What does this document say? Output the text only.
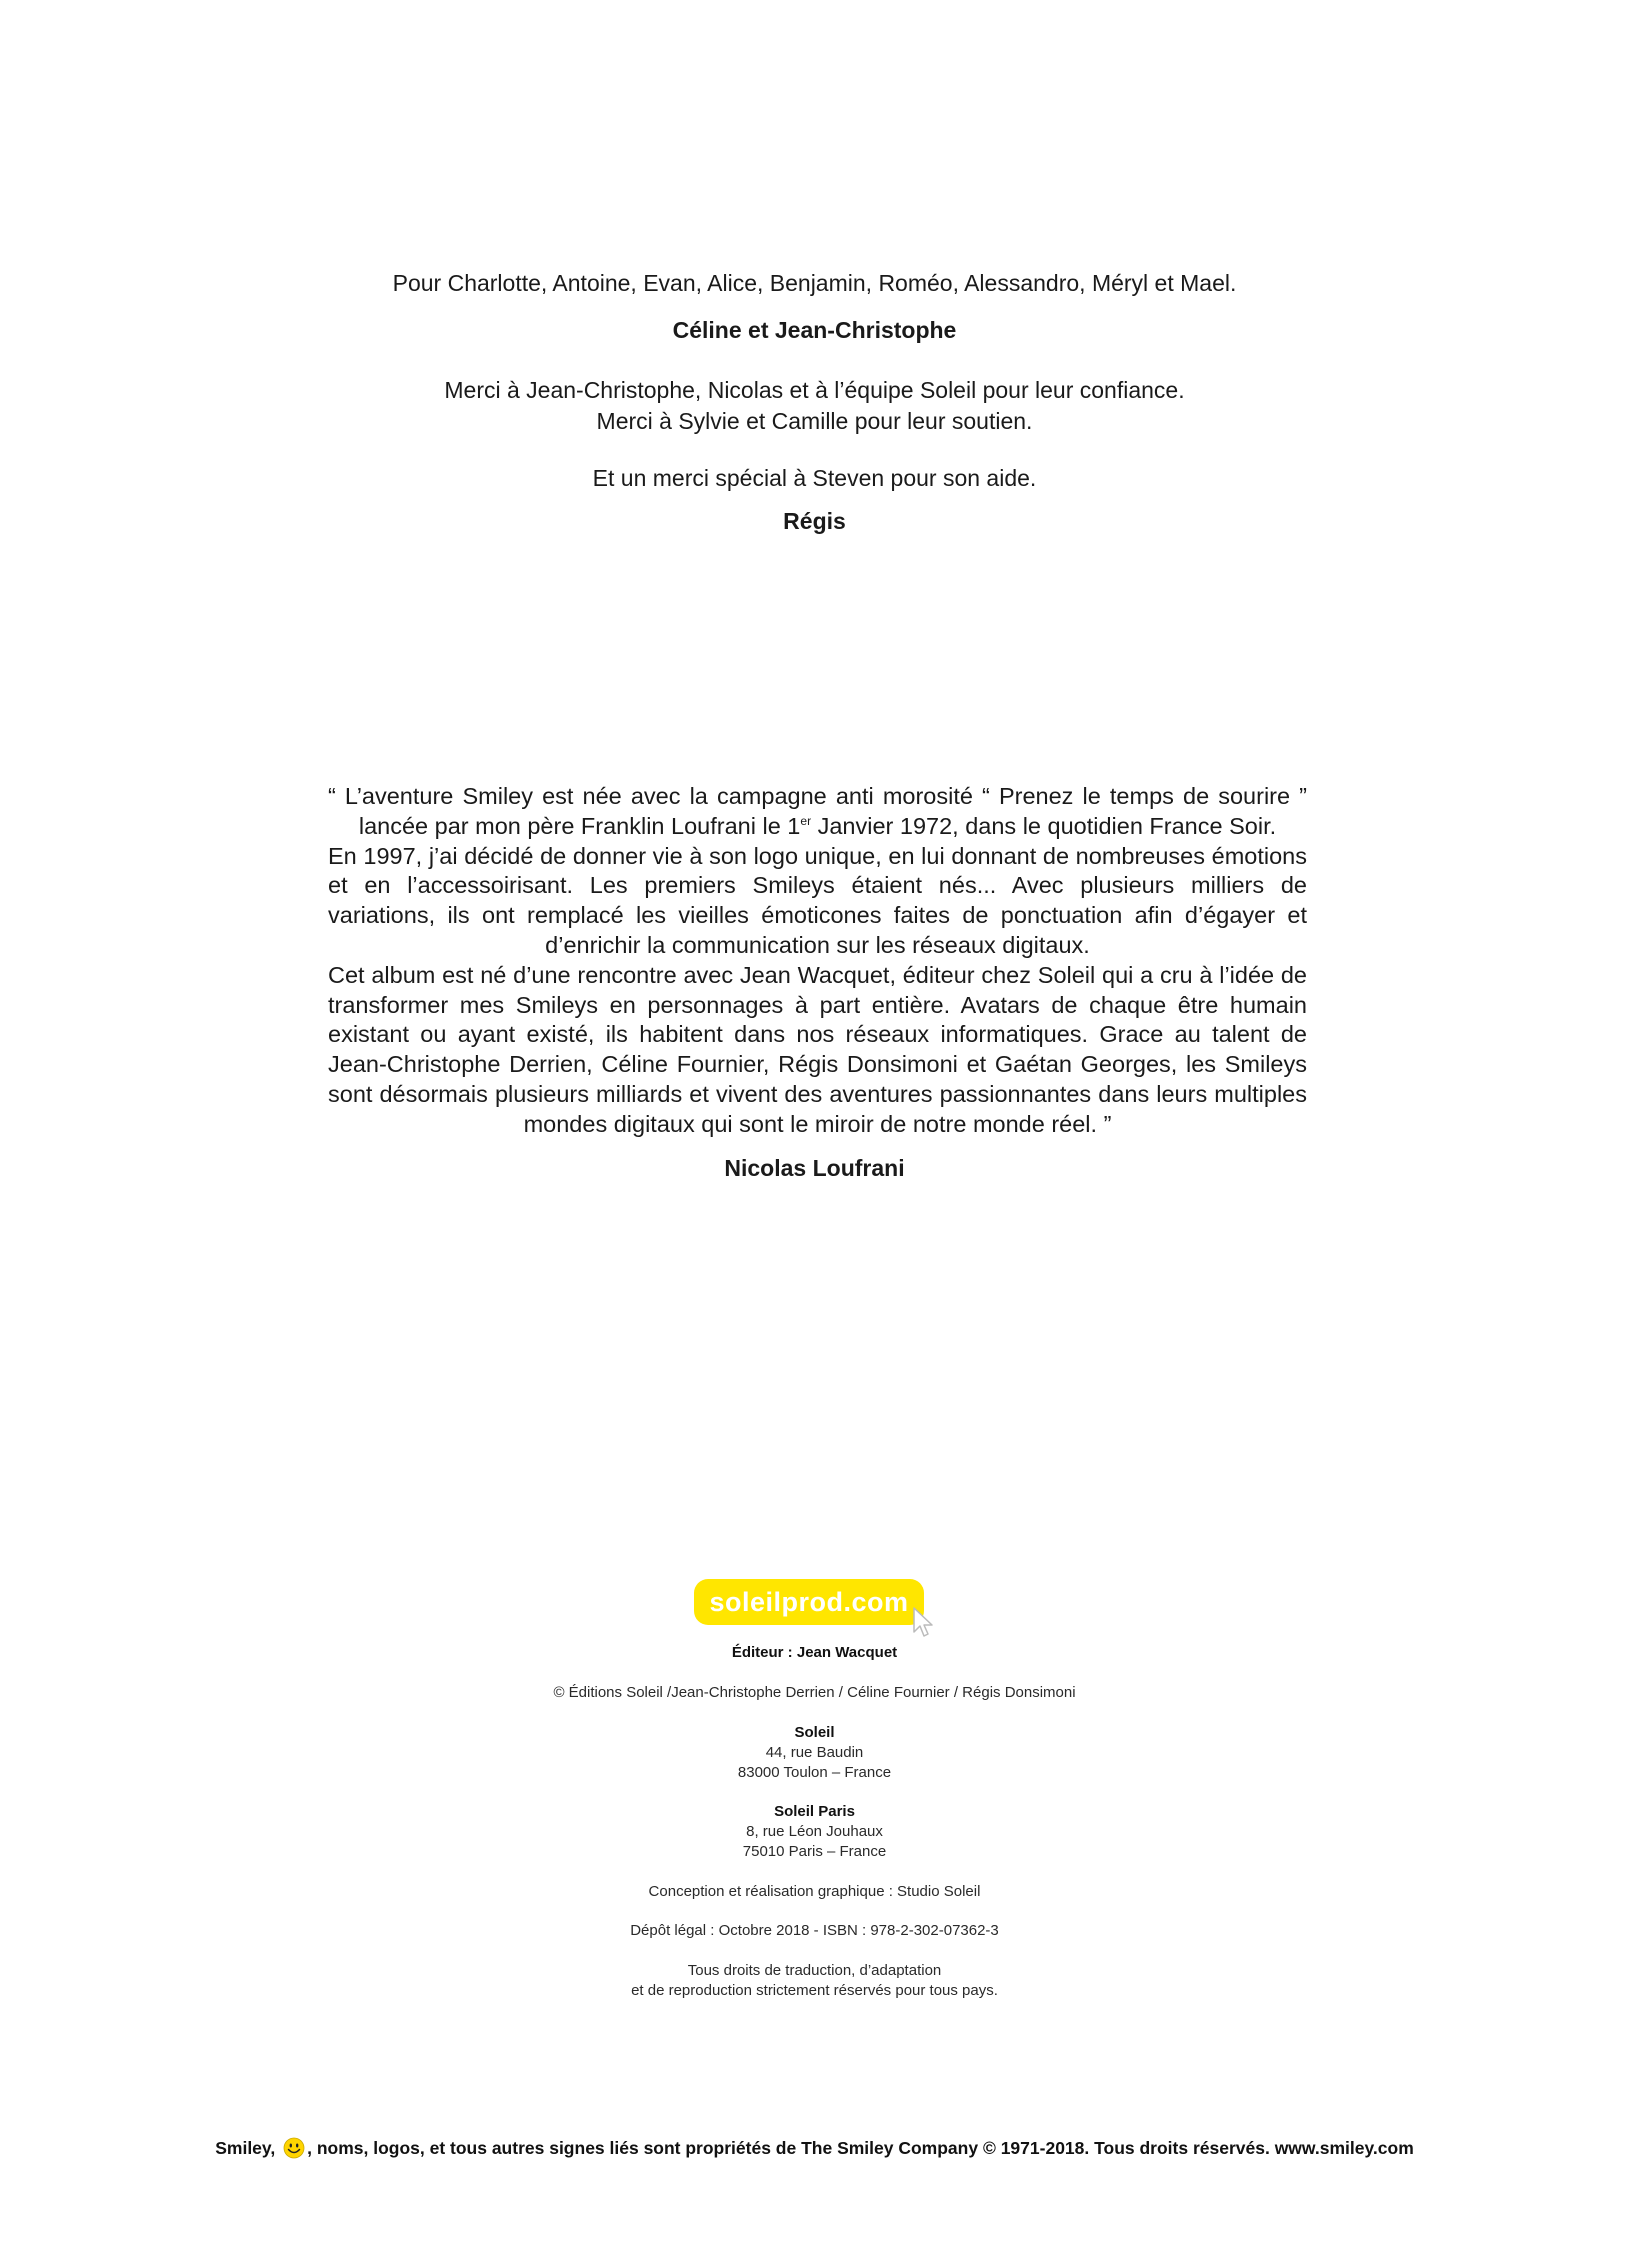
Pour Charlotte, Antoine, Evan, Alice, Benjamin, Roméo, Alessandro, Méryl et Mael.
Céline et Jean-Christophe
Merci à Jean-Christophe, Nicolas et à l’équipe Soleil pour leur confiance.
Merci à Sylvie et Camille pour leur soutien.
Et un merci spécial à Steven pour son aide.
Régis

“ L’aventure Smiley est née avec la campagne anti morosité “ Prenez le temps de sourire ” lancée par mon père Franklin Loufrani le 1er Janvier 1972, dans le quotidien France Soir.

En 1997, j’ai décidé de donner vie à son logo unique, en lui donnant de nombreuses émotions et en l’accessoirisant. Les premiers Smileys étaient nés... Avec plusieurs milliers de variations, ils ont remplacé les vieilles émoticones faites de ponctuation afin d’égayer et d’enrichir la communication sur les réseaux digitaux.

Cet album est né d’une rencontre avec Jean Wacquet, éditeur chez Soleil qui a cru à l’idée de transformer mes Smileys en personnages à part entière. Avatars de chaque être humain existant ou ayant existé, ils habitent dans nos réseaux informatiques. Grace au talent de Jean-Christophe Derrien, Céline Fournier, Régis Donsimoni et Gaétan Georges, les Smileys sont désormais plusieurs milliards et vivent des aventures passionnantes dans leurs multiples mondes digitaux qui sont le miroir de notre monde réel. ”

Nicolas Loufrani
soleilprod.com
Éditeur : Jean Wacquet
© Éditions Soleil /Jean-Christophe Derrien / Céline Fournier / Régis Donsimoni
Soleil
44, rue Baudin
83000 Toulon – France
Soleil Paris
8, rue Léon Jouhaux
75010 Paris – France
Conception et réalisation graphique : Studio Soleil
Dépôt légal : Octobre 2018 - ISBN : 978-2-302-07362-3
Tous droits de traduction, d’adaptation
et de reproduction strictement réservés pour tous pays.
Smiley, , noms, logos, et tous autres signes liés sont propriétés de The Smiley Company © 1971-2018. Tous droits réservés. www.smiley.com
